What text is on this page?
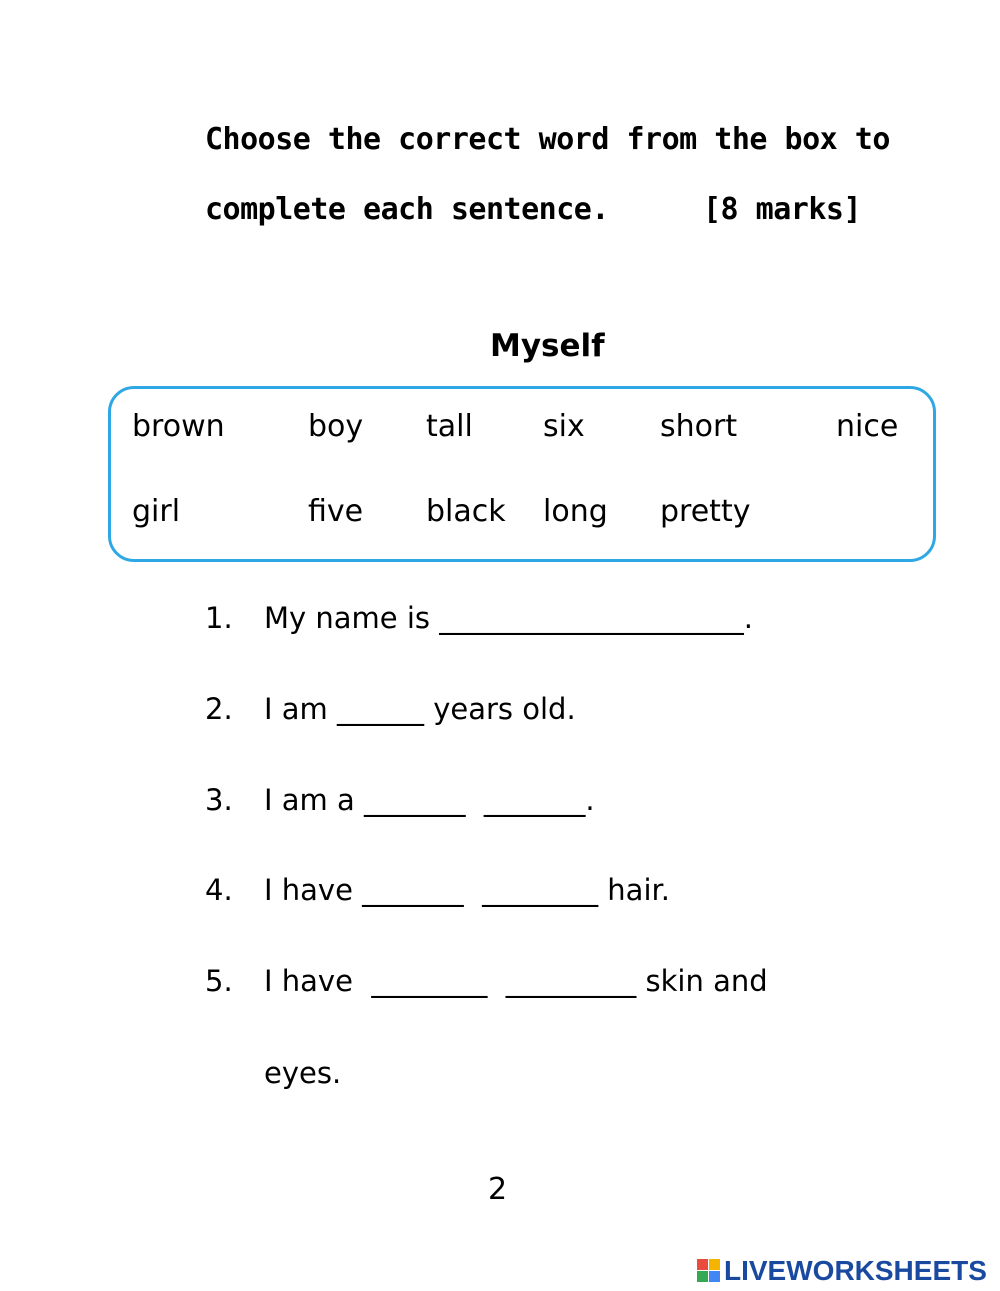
Choose the correct word from the box to
complete each sentence.	[8 marks]
Myself
brown	boy tall six	short	nice
girl	five black long pretty
1. My name is _____________________.
2. I am ______ years old.
3. I am a _______  _______.
4. I have _______  ________ hair.
5. I have  ________  _________ skin and
eyes.
2
LIVEWORKSHEETS
